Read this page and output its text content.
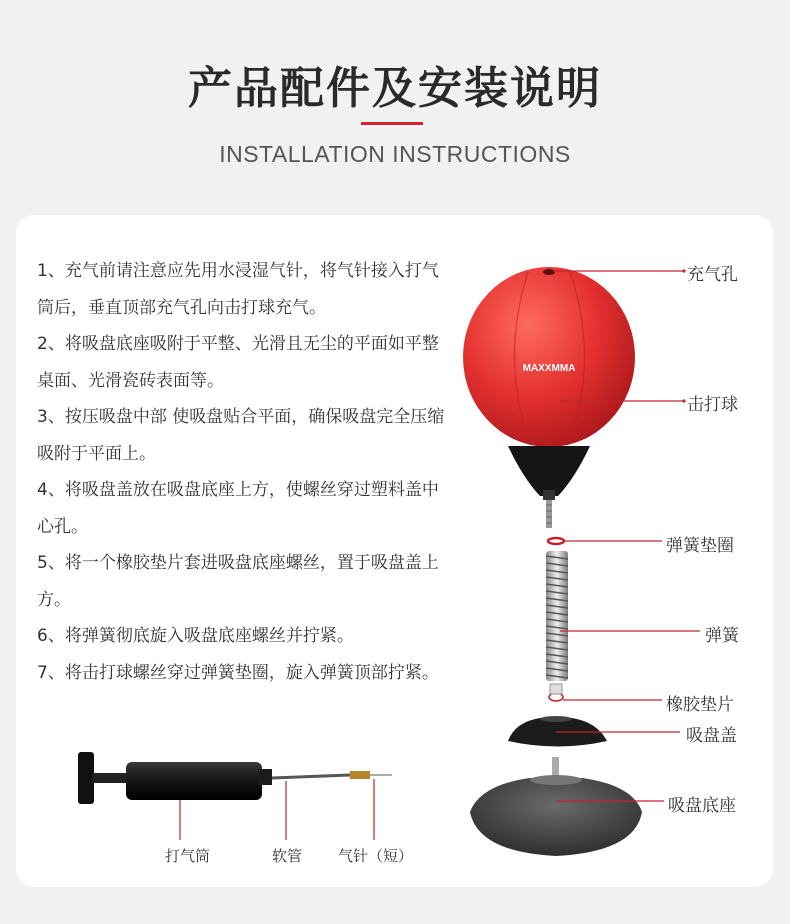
产品配件及安装说明
INSTALLATION INSTRUCTIONS

1、充气前请注意应先用水浸湿气针，将气针接入打气筒后，垂直顶部充气孔向击打球充气。

2、将吸盘底座吸附于平整、光滑且无尘的平面如平整桌面、光滑瓷砖表面等。

3、按压吸盘中部 使吸盘贴合平面，确保吸盘完全压缩吸附于平面上。

4、将吸盘盖放在吸盘底座上方，使螺丝穿过塑料盖中心孔。

5、将一个橡胶垫片套进吸盘底座螺丝，置于吸盘盖上方。

6、将弹簧彻底旋入吸盘底座螺丝并拧紧。

7、将击打球螺丝穿过弹簧垫圈，旋入弹簧顶部拧紧。

MAXXMMA
充气孔
击打球
弹簧垫圈
弹簧
橡胶垫片
吸盘盖
吸盘底座
打气筒	软管 气针（短）
